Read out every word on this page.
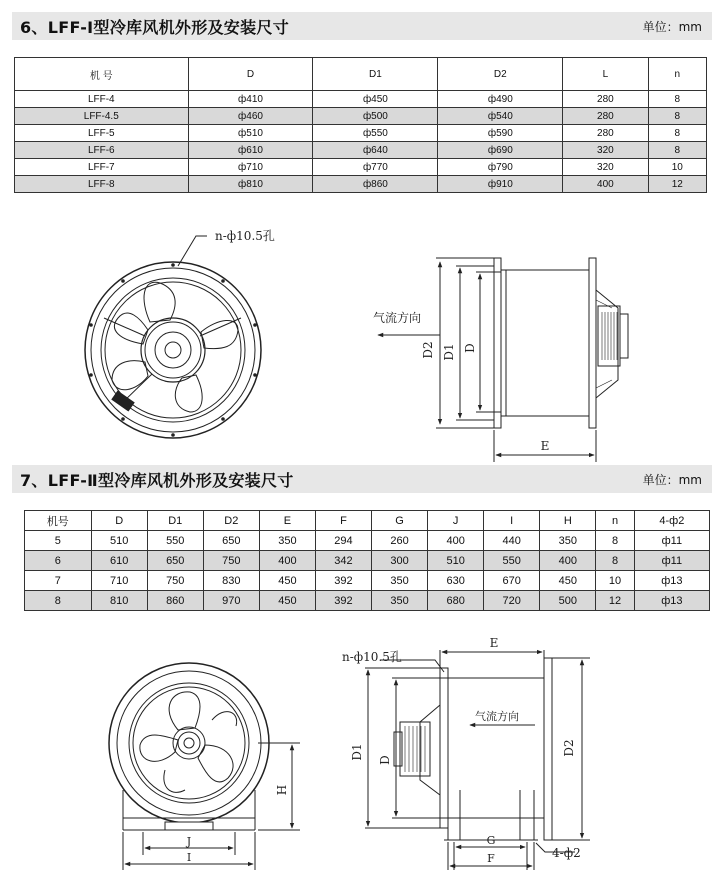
6、LFF-Ⅰ型冷库风机外形及安装尺寸	单位：mm
机 号	D	D1	D2	L	n
LFF-4	ф410	ф450	ф490	280	8
LFF-4.5	ф460	ф500	ф540	280	8
LFF-5	ф510	ф550	ф590	280	8
LFF-6	ф610	ф640	ф690	320	8
LFF-7	ф710	ф770	ф790	320	10
LFF-8	ф810	ф860	ф910	400	12
7、LFF-Ⅱ型冷库风机外形及安装尺寸	单位：mm
机号	D	D1	D2	E	F	G	J	I	H	n	4-ф2
5	510	550	650	350	294	260	400	440	350	8	ф11
6	610	650	750	400	342	300	510	550	400	8	ф11
7	710	750	830	450	392	350	630	670	450	10	ф13
8	810	860	970	450	392	350	680	720	500	12	ф13
n-ф10.5孔
气流方向
D2 D1 D
E
n-ф10.5孔
E
气流方向
D1 D
D2
H
J
I
G
F	4-ф2
